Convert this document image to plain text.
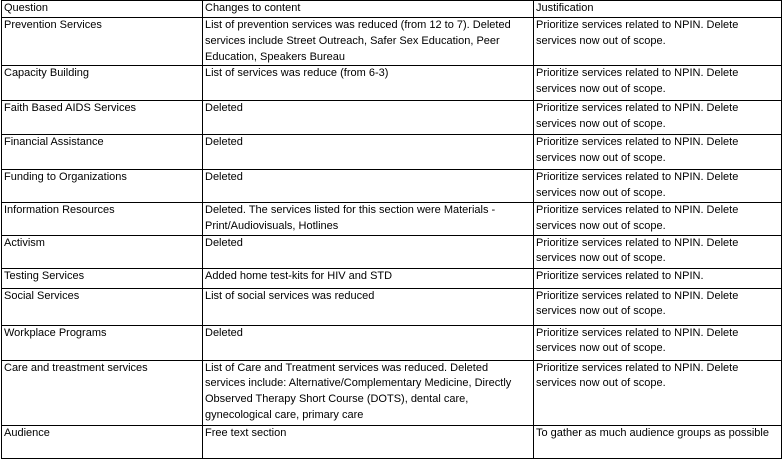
Question	Changes to content	Justification
Prevention Services	List of prevention services was reduced (from 12 to 7). Deleted services include Street Outreach, Safer Sex Education, Peer Education, Speakers Bureau	Prioritize services related to NPIN. Delete services now out of scope.
Capacity Building	List of services was reduce (from 6-3)	Prioritize services related to NPIN. Delete services now out of scope.
Faith Based AIDS Services	Deleted	Prioritize services related to NPIN. Delete services now out of scope.
Financial Assistance	Deleted	Prioritize services related to NPIN. Delete services now out of scope.
Funding to Organizations	Deleted	Prioritize services related to NPIN. Delete services now out of scope.
Information Resources	Deleted. The services listed for this section were Materials - Print/Audiovisuals, Hotlines	Prioritize services related to NPIN. Delete services now out of scope.
Activism	Deleted	Prioritize services related to NPIN. Delete services now out of scope.
Testing Services	Added home test-kits for HIV and STD	Prioritize services related to NPIN.
Social Services	List of social services was reduced	Prioritize services related to NPIN. Delete services now out of scope.
Workplace Programs	Deleted	Prioritize services related to NPIN. Delete services now out of scope.
Care and treastment services	List of Care and Treatment services was reduced. Deleted services include: Alternative/Complementary Medicine, Directly Observed Therapy Short Course (DOTS), dental care, gynecological care, primary care	Prioritize services related to NPIN. Delete services now out of scope.
Audience	Free text section	To gather as much audience groups as possible
